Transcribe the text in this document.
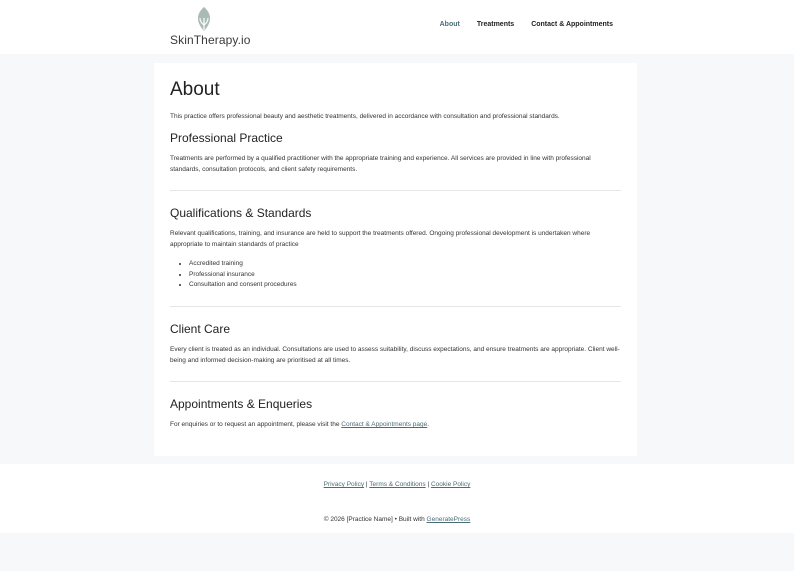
SkinTherapy.io
About Treatments Contact & Appointments
About

This practice offers professional beauty and aesthetic treatments, delivered in accordance with consultation and professional standards.

Professional Practice

Treatments are performed by a qualified practitioner with the appropriate training and experience. All services are provided in line with professional standards, consultation protocols, and client safety requirements.

Qualifications & Standards

Relevant qualifications, training, and insurance are held to support the treatments offered. Ongoing professional development is undertaken where appropriate to maintain standards of practice

• Accredited training
• Professional insurance
• Consultation and consent procedures
Client Care

Every client is treated as an individual. Consultations are used to assess suitability, discuss expectations, and ensure treatments are appropriate. Client well-being and informed decision-making are prioritised at all times.

Appointments & Enqueries

For enquiries or to request an appointment, please visit the Contact & Appointments page.

Privacy Policy | Terms & Conditions | Cookie Policy
© 2026 [Practice Name] • Built with GeneratePress
